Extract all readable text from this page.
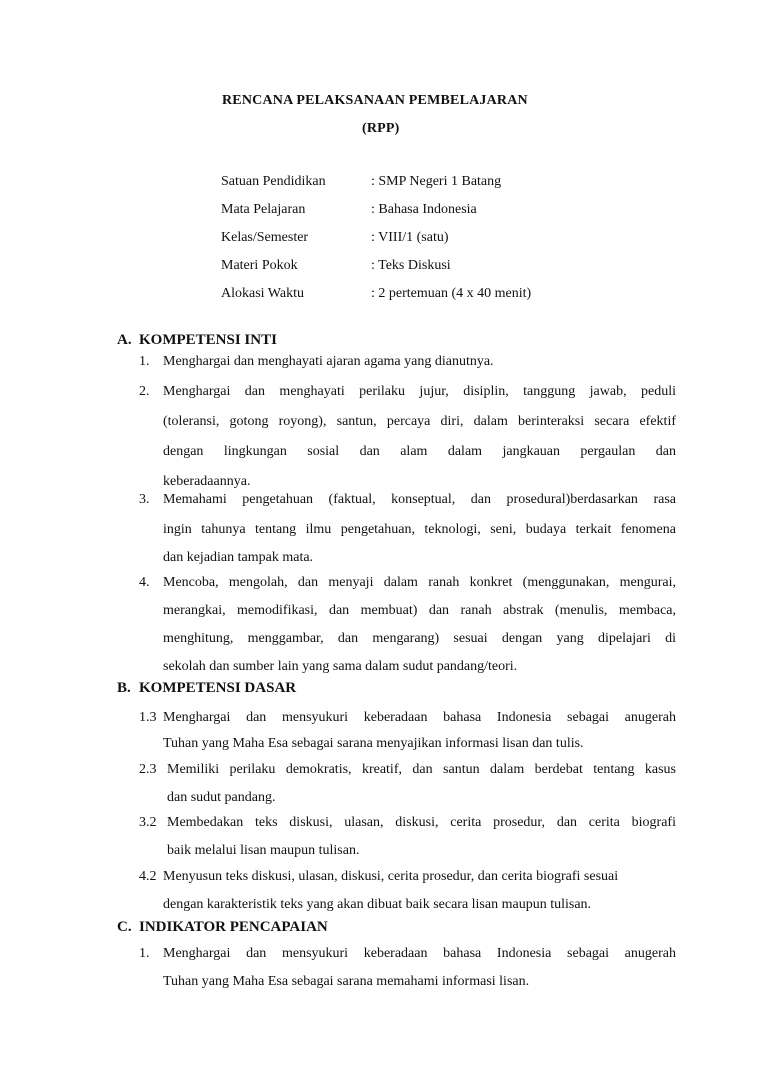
RENCANA PELAKSANAAN PEMBELAJARAN
(RPP)
Satuan Pendidikan	: SMP Negeri 1 Batang
Mata Pelajaran	: Bahasa Indonesia
Kelas/Semester	: VIII/1 (satu)
Materi Pokok	: Teks Diskusi
Alokasi Waktu	: 2 pertemuan (4 x 40 menit)
A. KOMPETENSI INTI
1. Menghargai dan menghayati ajaran agama yang dianutnya.
2. Menghargai dan menghayati perilaku jujur, disiplin, tanggung jawab, peduli
(toleransi, gotong royong), santun, percaya diri, dalam berinteraksi secara efektif
dengan lingkungan sosial dan alam dalam jangkauan pergaulan dan
keberadaannya.
3. Memahami pengetahuan (faktual, konseptual, dan prosedural)berdasarkan rasa
ingin tahunya tentang ilmu pengetahuan, teknologi, seni, budaya terkait fenomena
dan kejadian tampak mata.
4. Mencoba, mengolah, dan menyaji dalam ranah konkret (menggunakan, mengurai,
merangkai, memodifikasi, dan membuat) dan ranah abstrak (menulis, membaca,
menghitung, menggambar, dan mengarang) sesuai dengan yang dipelajari di
sekolah dan sumber lain yang sama dalam sudut pandang/teori.
B. KOMPETENSI DASAR
1.3 Menghargai dan mensyukuri keberadaan bahasa Indonesia sebagai anugerah
Tuhan yang Maha Esa sebagai sarana menyajikan informasi lisan dan tulis.
2.3 Memiliki perilaku demokratis, kreatif, dan santun dalam berdebat tentang kasus
dan sudut pandang.
3.2 Membedakan teks diskusi, ulasan, diskusi, cerita prosedur, dan cerita biografi
baik melalui lisan maupun tulisan.
4.2 Menyusun teks diskusi, ulasan, diskusi, cerita prosedur, dan cerita biografi sesuai
dengan karakteristik teks yang akan dibuat baik secara lisan maupun tulisan.
C. INDIKATOR PENCAPAIAN
1. Menghargai dan mensyukuri keberadaan bahasa Indonesia sebagai anugerah
Tuhan yang Maha Esa sebagai sarana memahami informasi lisan.
